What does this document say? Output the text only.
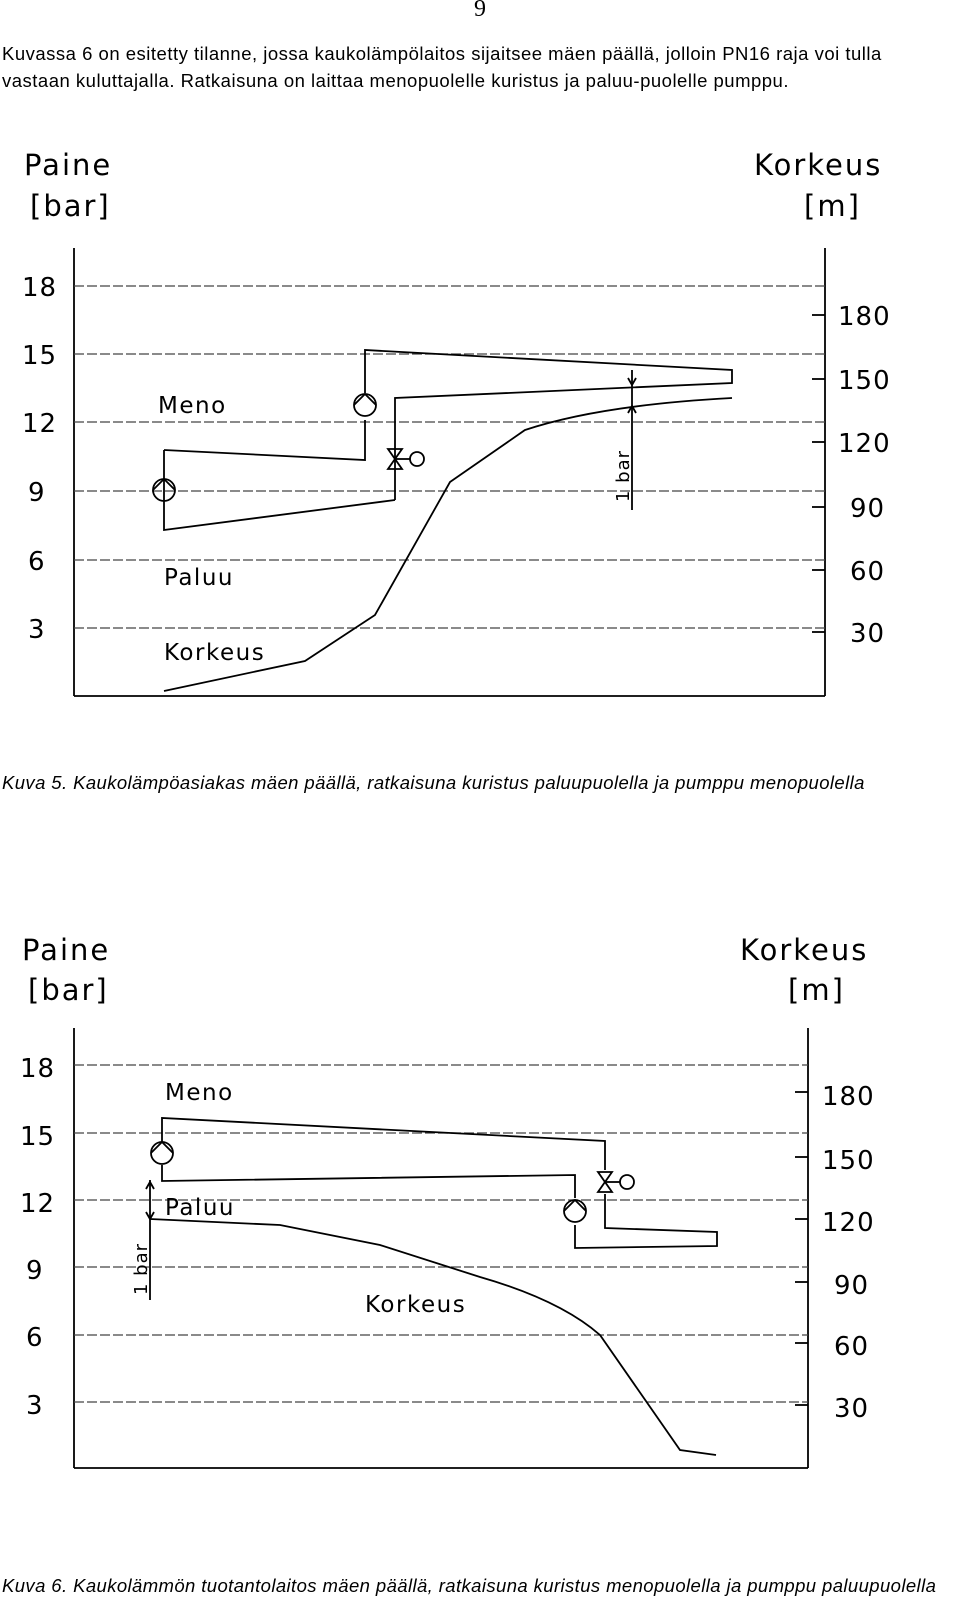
9
Kuvassa 6 on esitetty tilanne, jossa kaukolämpölaitos sijaitsee mäen päällä, jolloin PN16 raja voi tulla vastaan kuluttajalla. Ratkaisuna on laittaa menopuolelle kuristus ja paluu-puolelle pumppu.
Paine
[bar]
Korkeus
[m]
18
15
12
9
6
3
180
150
120
90
60
30
1 bar
Meno
Paluu
Korkeus
Kuva 5. Kaukolämpöasiakas mäen päällä, ratkaisuna kuristus paluupuolella ja pumppu menopuolella
Paine
[bar]
Korkeus
[m]
18
15
12
9
6
3
180
150
120
90
60
30
1 bar
Meno
Paluu
Korkeus
Kuva 6. Kaukolämmön tuotantolaitos mäen päällä, ratkaisuna kuristus menopuolella ja pumppu paluupuolella
